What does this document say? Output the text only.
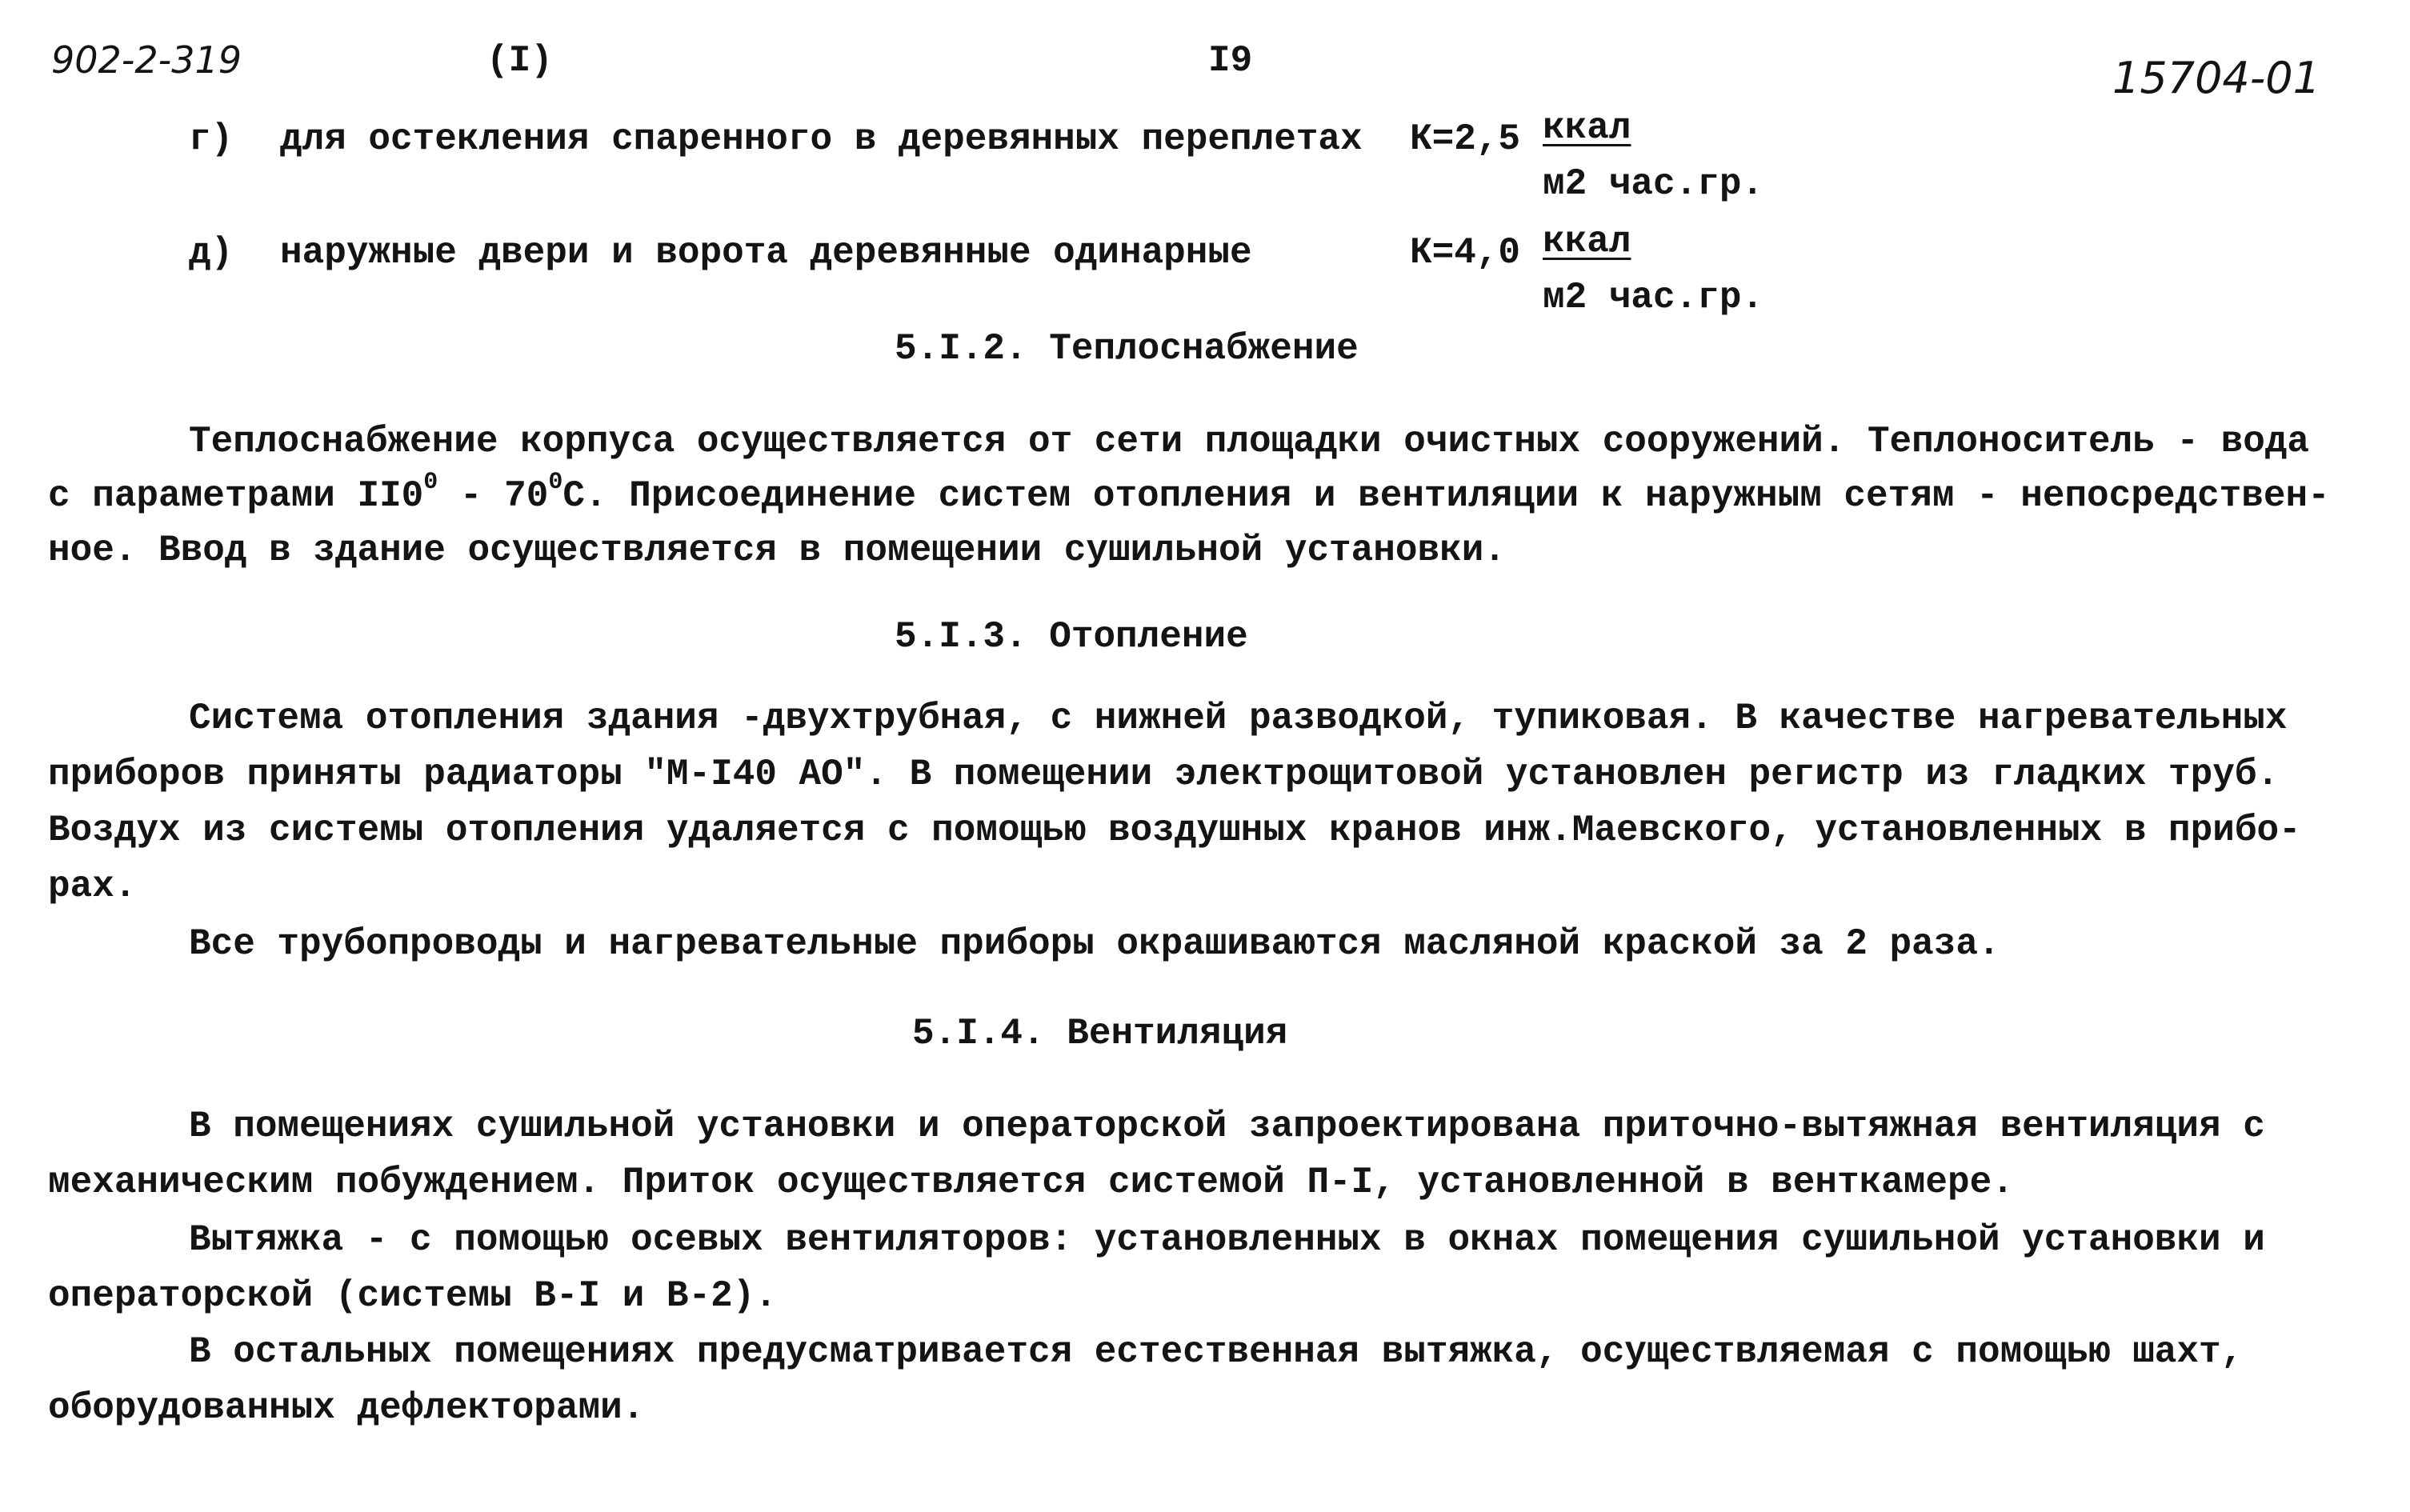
902-2-319	(I)	I9	15704-01
г) для остекления спаренного в деревянных переплетах К=2,5 ккал
м2 час.гр.
д) наружные двери и ворота деревянные одинарные	К=4,0 ккал
м2 час.гр.
5.I.2. Теплоснабжение
Теплоснабжение корпуса осуществляется от сети площадки очистных сооружений. Теплоноситель - вода
с параметрами $II0^0 - 70^0С$. Присоединение систем отопления и вентиляции к наружным сетям - непосредствен-
ное. Ввод в здание осуществляется в помещении сушильной установки.
5.I.3. Отопление
Система отопления здания -двухтрубная, с нижней разводкой, тупиковая. В качестве нагревательных
приборов приняты радиаторы "М-I40 АО". В помещении электрощитовой установлен регистр из гладких труб.
Воздух из системы отопления удаляется с помощью воздушных кранов инж.Маевского, установленных в прибо-
рах.
Все трубопроводы и нагревательные приборы окрашиваются масляной краской за 2 раза.
5.I.4. Вентиляция
В помещениях сушильной установки и операторской запроектирована приточно-вытяжная вентиляция с
механическим побуждением. Приток осуществляется системой П-I, установленной в венткамере.
Вытяжка - с помощью осевых вентиляторов: установленных в окнах помещения сушильной установки и
операторской (системы В-I и В-2).
В остальных помещениях предусматривается естественная вытяжка, осуществляемая с помощью шахт,
оборудованных дефлекторами.
